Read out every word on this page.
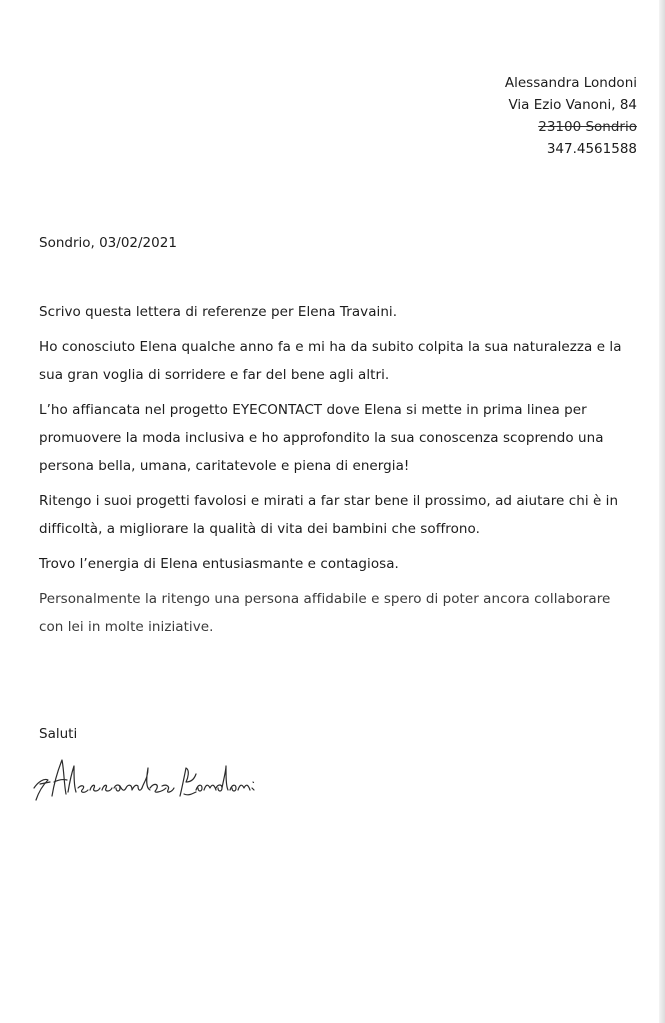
Alessandra Londoni
Via Ezio Vanoni, 84
23100 Sondrio
347.4561588
Sondrio, 03/02/2021

Scrivo questa lettera di referenze per Elena Travaini.

Ho conosciuto Elena qualche anno fa e mi ha da subito colpita la sua naturalezza e la sua gran voglia di sorridere e far del bene agli altri.

L’ho affiancata nel progetto EYECONTACT dove Elena si mette in prima linea per promuovere la moda inclusiva e ho approfondito la sua conoscenza scoprendo una persona bella, umana, caritatevole e piena di energia!

Ritengo i suoi progetti favolosi e mirati a far star bene il prossimo, ad aiutare chi è in difficoltà, a migliorare la qualità di vita dei bambini che soffrono.

Trovo l’energia di Elena entusiasmante e contagiosa.

Personalmente la ritengo una persona affidabile e spero di poter ancora collaborare con lei in molte iniziative.

Saluti
